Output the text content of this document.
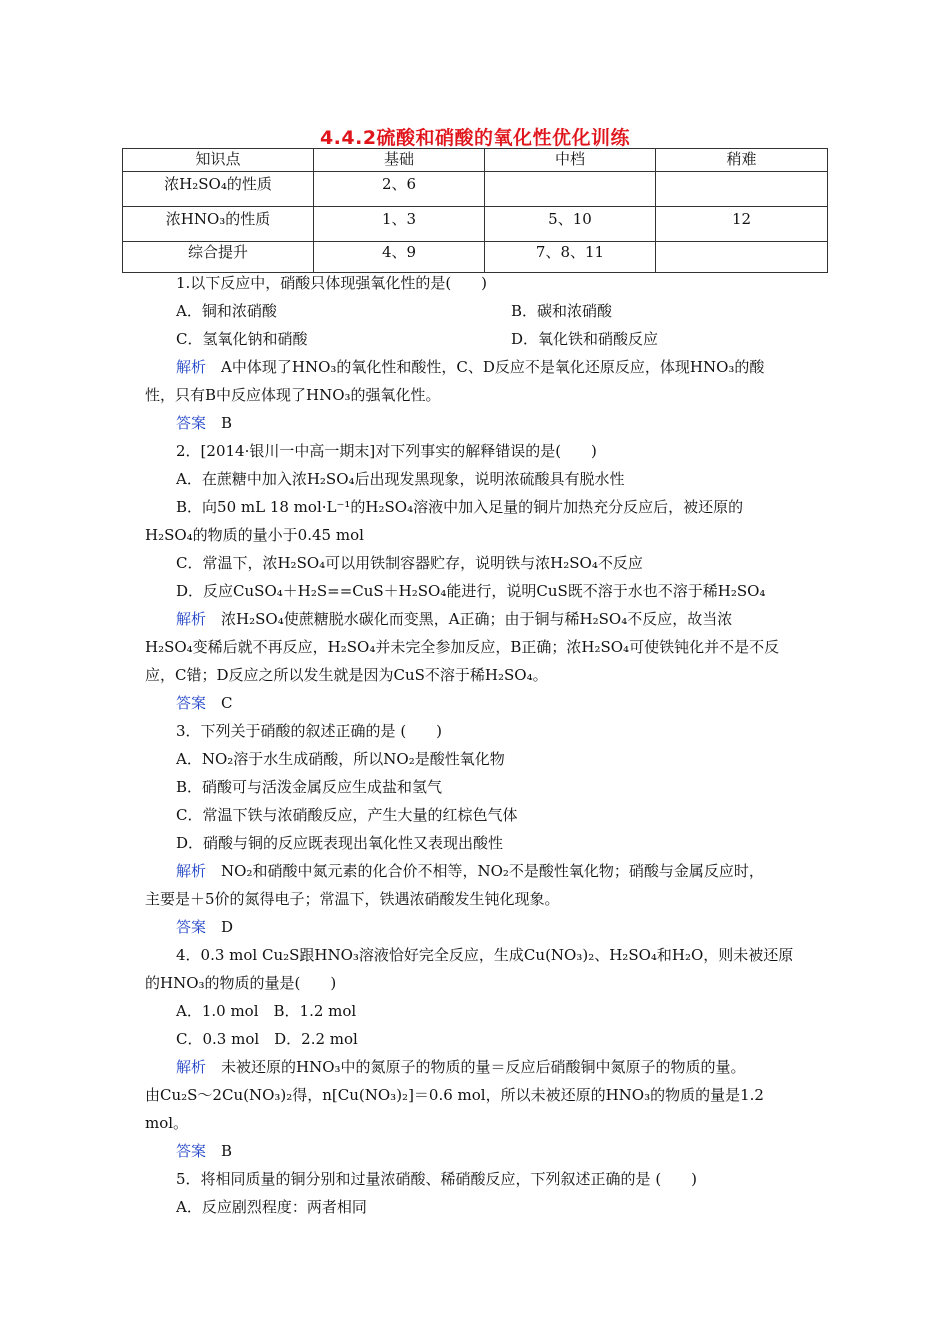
4.4.2硫酸和硝酸的氧化性优化训练
知识点	基础	中档	稍难
浓H₂SO₄的性质	2、6		
浓HNO₃的性质	1、3	5、10	12
综合提升	4、9	7、8、11	
1.以下反应中，硝酸只体现强氧化性的是(　　)
A．铜和浓硝酸	B．碳和浓硝酸
C．氢氧化钠和硝酸	D．氧化铁和硝酸反应
解析　 A中体现了HNO₃的氧化性和酸性，C、D反应不是氧化还原反应，体现HNO₃的酸
性，只有B中反应体现了HNO₃的强氧化性。
答案　 B
2．[2014·银川一中高一期末]对下列事实的解释错误的是(　　)
A．在蔗糖中加入浓H₂SO₄后出现发黑现象，说明浓硫酸具有脱水性
B．向50 mL 18 mol·L⁻¹的H₂SO₄溶液中加入足量的铜片加热充分反应后，被还原的
H₂SO₄的物质的量小于0.45 mol
C．常温下，浓H₂SO₄可以用铁制容器贮存，说明铁与浓H₂SO₄不反应
D．反应CuSO₄＋H₂S==CuS＋H₂SO₄能进行，说明CuS既不溶于水也不溶于稀H₂SO₄
解析　 浓H₂SO₄使蔗糖脱水碳化而变黑，A正确；由于铜与稀H₂SO₄不反应，故当浓
H₂SO₄变稀后就不再反应，H₂SO₄并未完全参加反应，B正确；浓H₂SO₄可使铁钝化并不是不反
应，C错；D反应之所以发生就是因为CuS不溶于稀H₂SO₄。
答案　 C
3．下列关于硝酸的叙述正确的是 (　　)
A．NO₂溶于水生成硝酸，所以NO₂是酸性氧化物
B．硝酸可与活泼金属反应生成盐和氢气
C．常温下铁与浓硝酸反应，产生大量的红棕色气体
D．硝酸与铜的反应既表现出氧化性又表现出酸性
解析　 NO₂和硝酸中氮元素的化合价不相等，NO₂不是酸性氧化物；硝酸与金属反应时，
主要是＋5价的氮得电子；常温下，铁遇浓硝酸发生钝化现象。
答案　 D
4．0.3 mol Cu₂S跟HNO₃溶液恰好完全反应，生成Cu(NO₃)₂、H₂SO₄和H₂O，则未被还原
的HNO₃的物质的量是(　　)
A．1.0 mol　B．1.2 mol
C．0.3 mol　D．2.2 mol
解析　 未被还原的HNO₃中的氮原子的物质的量＝反应后硝酸铜中氮原子的物质的量。
由Cu₂S～2Cu(NO₃)₂得，n[Cu(NO₃)₂]＝0.6 mol，所以未被还原的HNO₃的物质的量是1.2
mol。
答案　 B
5．将相同质量的铜分别和过量浓硝酸、稀硝酸反应，下列叙述正确的是 (　　)
A．反应剧烈程度：两者相同
